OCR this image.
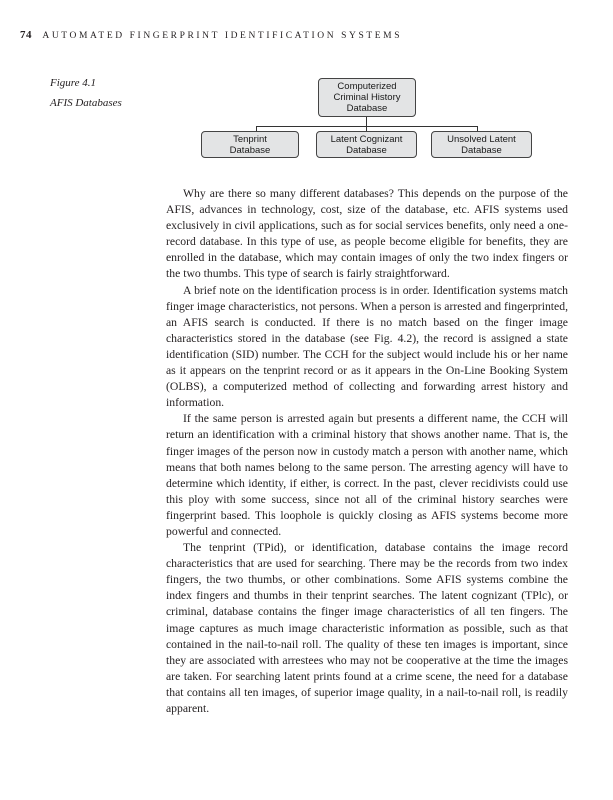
74 AUTOMATED FINGERPRINT IDENTIFICATION SYSTEMS
Figure 4.1
AFIS Databases
Computerized
Criminal History
Database
Tenprint
Database
Latent Cognizant
Database
Unsolved Latent
Database

Why are there so many different databases? This depends on the purpose of the AFIS, advances in technology, cost, size of the database, etc. AFIS systems used exclusively in civil applications, such as for social services benefits, only need a one-record database. In this type of use, as people become eligible for benefits, they are enrolled in the database, which may contain images of only the two index fingers or the two thumbs. This type of search is fairly straightforward.

A brief note on the identification process is in order. Identification systems match finger image characteristics, not persons. When a person is arrested and fingerprinted, an AFIS search is conducted. If there is no match based on the finger image characteristics stored in the database (see Fig. 4.2), the record is assigned a state identification (SID) number. The CCH for the subject would include his or her name as it appears on the tenprint record or as it appears in the On-Line Booking System (OLBS), a computerized method of collecting and forwarding arrest history and information.

If the same person is arrested again but presents a different name, the CCH will return an identification with a criminal history that shows another name. That is, the finger images of the person now in custody match a person with another name, which means that both names belong to the same person. The arresting agency will have to determine which identity, if either, is correct. In the past, clever recidivists could use this ploy with some success, since not all of the criminal history searches were fingerprint based. This loophole is quickly closing as AFIS systems become more powerful and connected.

The tenprint (TPid), or identification, database contains the image record characteristics that are used for searching. There may be the records from two index fingers, the two thumbs, or other combinations. Some AFIS systems combine the index fingers and thumbs in their tenprint searches. The latent cognizant (TPlc), or criminal, database contains the finger image characteristics of all ten fingers. The image captures as much image characteristic information as possible, such as that contained in the nail-to-nail roll. The quality of these ten images is important, since they are associated with arrestees who may not be cooperative at the time the images are taken. For searching latent prints found at a crime scene, the need for a database that contains all ten images, of superior image quality, in a nail-to-nail roll, is readily apparent.
